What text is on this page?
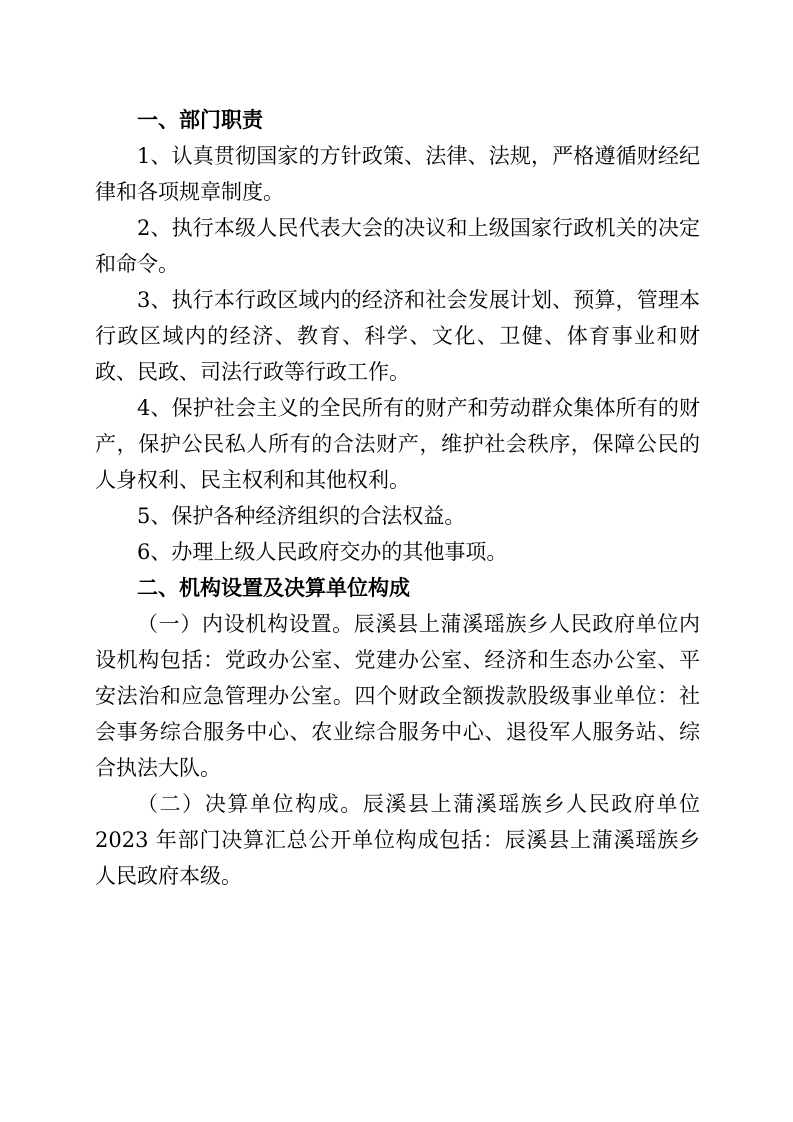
一、部门职责

1、认真贯彻国家的方针政策、法律、法规，严格遵循财经纪律和各项规章制度。

2、执行本级人民代表大会的决议和上级国家行政机关的决定和命令。

3、执行本行政区域内的经济和社会发展计划、预算，管理本行政区域内的经济、教育、科学、文化、卫健、体育事业和财政、民政、司法行政等行政工作。

4、保护社会主义的全民所有的财产和劳动群众集体所有的财产，保护公民私人所有的合法财产，维护社会秩序，保障公民的人身权利、民主权利和其他权利。

5、保护各种经济组织的合法权益。

6、办理上级人民政府交办的其他事项。

二、机构设置及决算单位构成

（一）内设机构设置。辰溪县上蒲溪瑶族乡人民政府单位内设机构包括：党政办公室、党建办公室、经济和生态办公室、平安法治和应急管理办公室。四个财政全额拨款股级事业单位：社会事务综合服务中心、农业综合服务中心、退役军人服务站、综合执法大队。

（二）决算单位构成。辰溪县上蒲溪瑶族乡人民政府单位 2023 年部门决算汇总公开单位构成包括：辰溪县上蒲溪瑶族乡人民政府本级。
